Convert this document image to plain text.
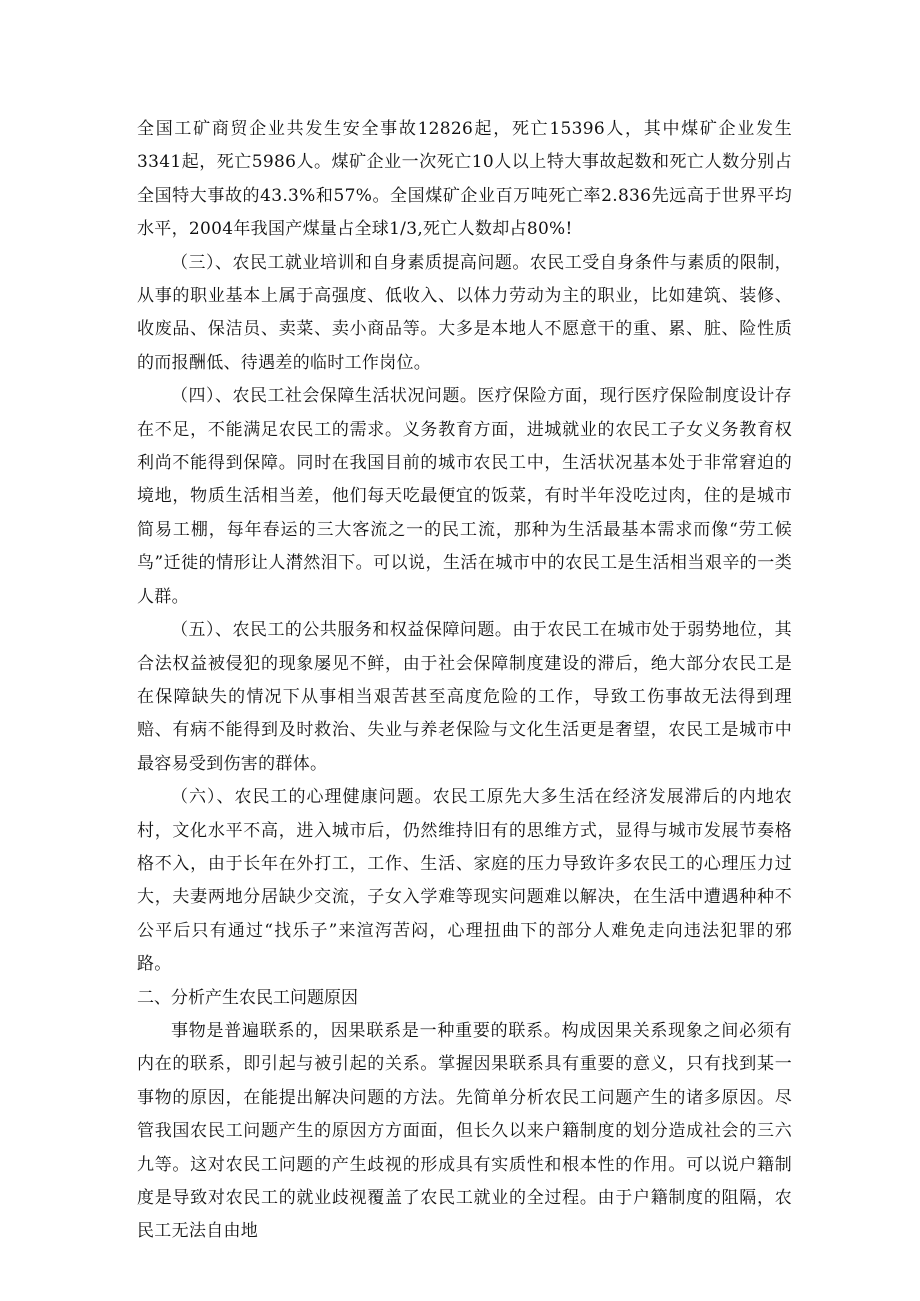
全国工矿商贸企业共发生安全事故12826起，死亡15396人，其中煤矿企业发生3341起，死亡5986人。煤矿企业一次死亡10人以上特大事故起数和死亡人数分别占全国特大事故的43.3%和57%。全国煤矿企业百万吨死亡率2.836先远高于世界平均水平，2004年我国产煤量占全球1/3,死亡人数却占80%!

（三）、农民工就业培训和自身素质提高问题。农民工受自身条件与素质的限制，从事的职业基本上属于高强度、低收入、以体力劳动为主的职业，比如建筑、装修、收废品、保洁员、卖菜、卖小商品等。大多是本地人不愿意干的重、累、脏、险性质的而报酬低、待遇差的临时工作岗位。

（四）、农民工社会保障生活状况问题。医疗保险方面，现行医疗保险制度设计存在不足，不能满足农民工的需求。义务教育方面，进城就业的农民工子女义务教育权利尚不能得到保障。同时在我国目前的城市农民工中，生活状况基本处于非常窘迫的境地，物质生活相当差，他们每天吃最便宜的饭菜，有时半年没吃过肉，住的是城市简易工棚，每年春运的三大客流之一的民工流，那种为生活最基本需求而像“劳工候鸟”迁徙的情形让人潸然泪下。可以说，生活在城市中的农民工是生活相当艰辛的一类人群。

（五）、农民工的公共服务和权益保障问题。由于农民工在城市处于弱势地位，其合法权益被侵犯的现象屡见不鲜，由于社会保障制度建设的滞后，绝大部分农民工是在保障缺失的情况下从事相当艰苦甚至高度危险的工作，导致工伤事故无法得到理赔、有病不能得到及时救治、失业与养老保险与文化生活更是奢望，农民工是城市中最容易受到伤害的群体。

（六）、农民工的心理健康问题。农民工原先大多生活在经济发展滞后的内地农村，文化水平不高，进入城市后，仍然维持旧有的思维方式，显得与城市发展节奏格格不入，由于长年在外打工，工作、生活、家庭的压力导致许多农民工的心理压力过大，夫妻两地分居缺少交流，子女入学难等现实问题难以解决，在生活中遭遇种种不公平后只有通过“找乐子”来渲泻苦闷，心理扭曲下的部分人难免走向违法犯罪的邪路。

二、分析产生农民工问题原因

事物是普遍联系的，因果联系是一种重要的联系。构成因果关系现象之间必须有内在的联系，即引起与被引起的关系。掌握因果联系具有重要的意义，只有找到某一事物的原因，在能提出解决问题的方法。先简单分析农民工问题产生的诸多原因。尽管我国农民工问题产生的原因方方面面，但长久以来户籍制度的划分造成社会的三六九等。这对农民工问题的产生歧视的形成具有实质性和根本性的作用。可以说户籍制度是导致对农民工的就业歧视覆盖了农民工就业的全过程。由于户籍制度的阻隔，农民工无法自由地
